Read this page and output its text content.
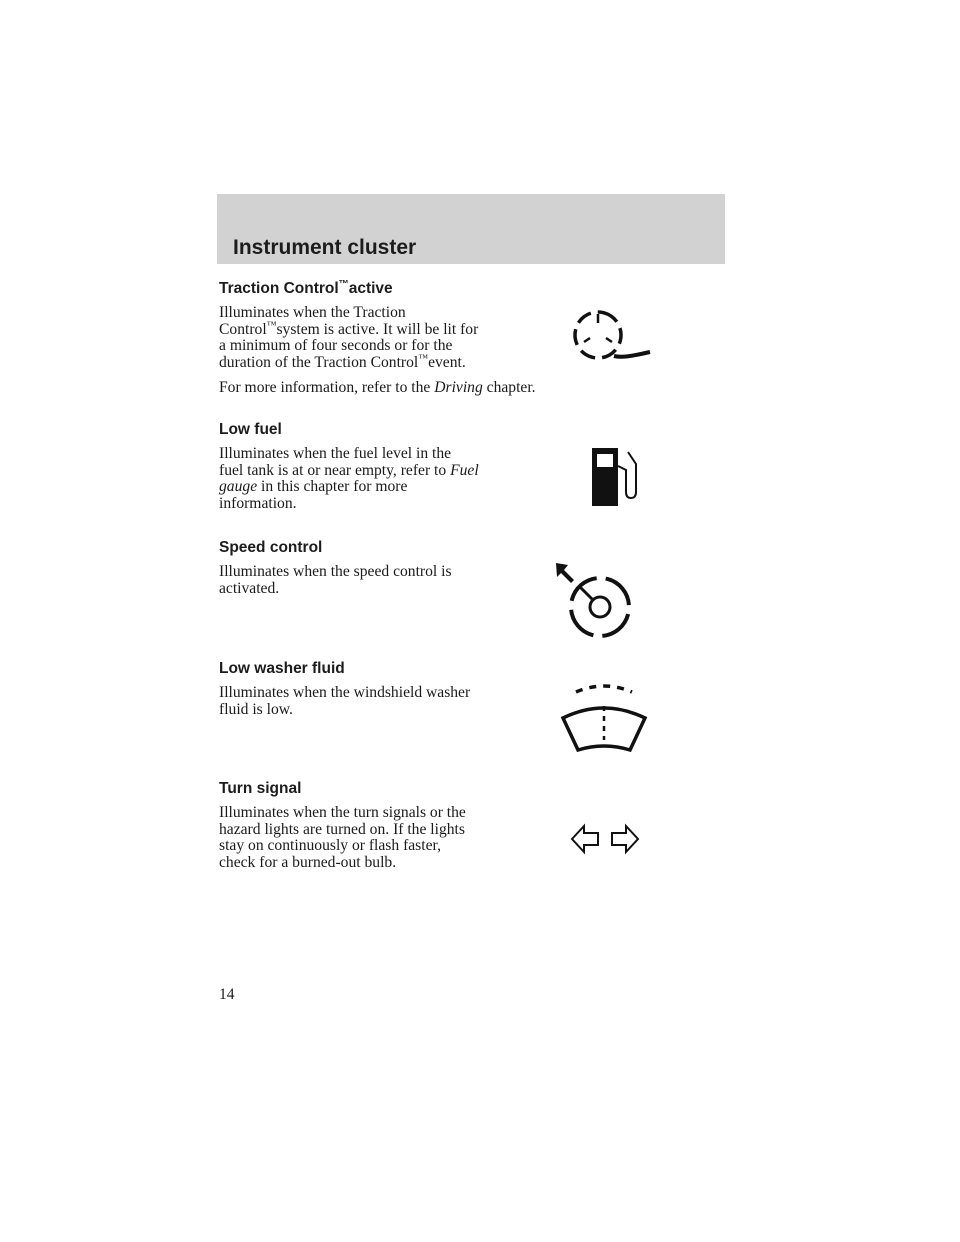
Instrument cluster

Traction Control™active

Illuminates when the Traction Control™system is active. It will be lit for a minimum of four seconds or for the duration of the Traction Control™event.

For more information, refer to the Driving chapter.

Low fuel

Illuminates when the fuel level in the fuel tank is at or near empty, refer to Fuel gauge in this chapter for more information.

Speed control

Illuminates when the speed control is activated.

Low washer fluid

Illuminates when the windshield washer fluid is low.

Turn signal

Illuminates when the turn signals or the hazard lights are turned on. If the lights stay on continuously or flash faster, check for a burned-out bulb.

14
